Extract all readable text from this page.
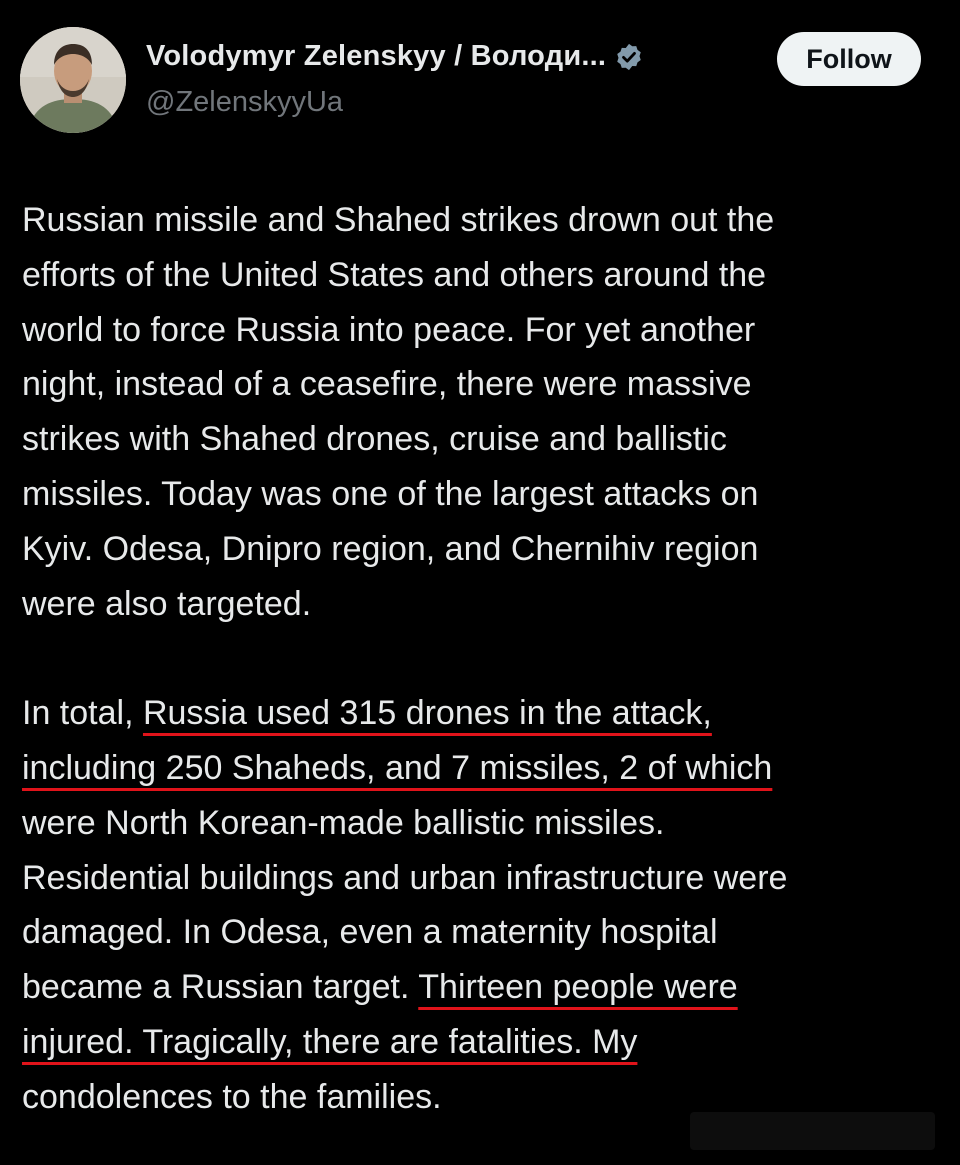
Volodymyr Zelenskyy / Володи...
@ZelenskyyUa
Follow

Russian missile and Shahed strikes drown out the
efforts of the United States and others around the
world to force Russia into peace. For yet another
night, instead of a ceasefire, there were massive
strikes with Shahed drones, cruise and ballistic
missiles. Today was one of the largest attacks on
Kyiv. Odesa, Dnipro region, and Chernihiv region
were also targeted.

In total, Russia used 315 drones in the attack,
including 250 Shaheds, and 7 missiles, 2 of which
were North Korean-made ballistic missiles.
Residential buildings and urban infrastructure were
damaged. In Odesa, even a maternity hospital
became a Russian target. Thirteen people were
injured. Tragically, there are fatalities. My
condolences to the families.
